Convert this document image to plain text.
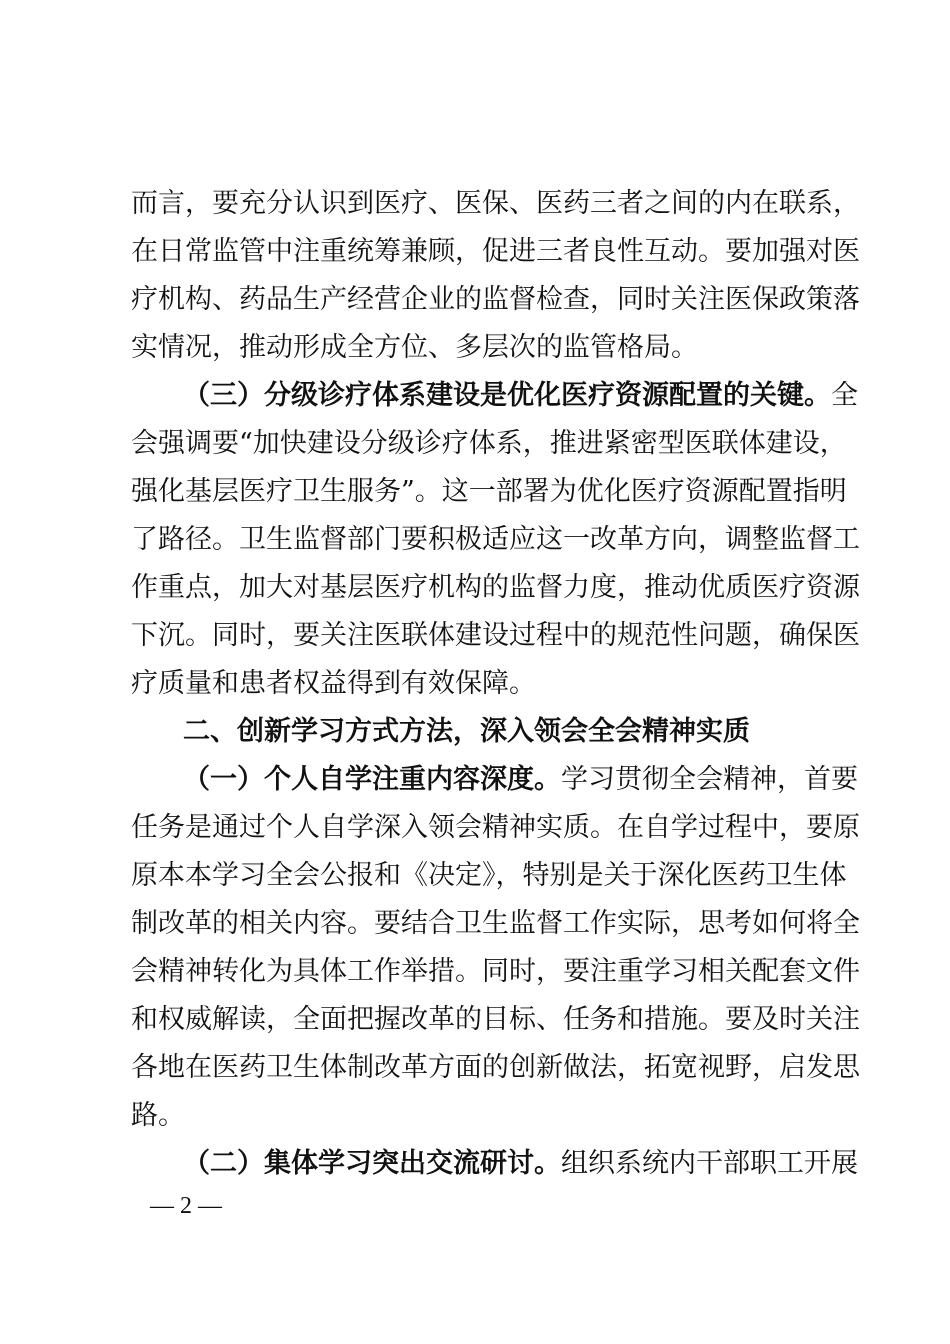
而言，要充分认识到医疗、医保、医药三者之间的内在联系，
在日常监管中注重统筹兼顾，促进三者良性互动。要加强对医
疗机构、药品生产经营企业的监督检查，同时关注医保政策落
实情况，推动形成全方位、多层次的监管格局。
（三）分级诊疗体系建设是优化医疗资源配置的关键。全
会强调要“加快建设分级诊疗体系，推进紧密型医联体建设，
强化基层医疗卫生服务”。这一部署为优化医疗资源配置指明
了路径。卫生监督部门要积极适应这一改革方向，调整监督工
作重点，加大对基层医疗机构的监督力度，推动优质医疗资源
下沉。同时，要关注医联体建设过程中的规范性问题，确保医
疗质量和患者权益得到有效保障。
二、创新学习方式方法，深入领会全会精神实质
（一）个人自学注重内容深度。学习贯彻全会精神，首要
任务是通过个人自学深入领会精神实质。在自学过程中，要原
原本本学习全会公报和《决定》，特别是关于深化医药卫生体
制改革的相关内容。要结合卫生监督工作实际，思考如何将全
会精神转化为具体工作举措。同时，要注重学习相关配套文件
和权威解读，全面把握改革的目标、任务和措施。要及时关注
各地在医药卫生体制改革方面的创新做法，拓宽视野，启发思
路。
（二）集体学习突出交流研讨。组织系统内干部职工开展
— 2 —
